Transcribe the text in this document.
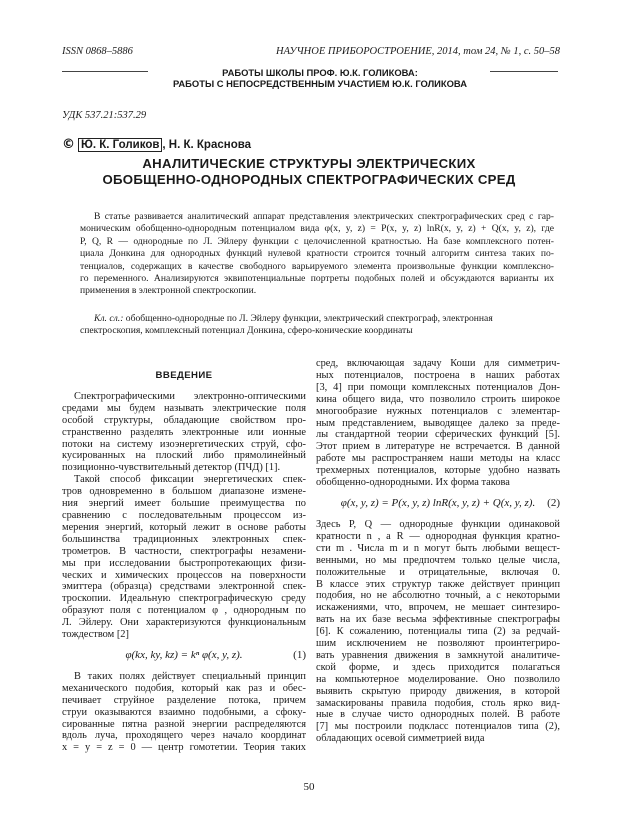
ISSN 0868–5886	НАУЧНОЕ ПРИБОРОСТРОЕНИЕ, 2014, том 24, № 1, c. 50–58
РАБОТЫ ШКОЛЫ ПРОФ. Ю.К. ГОЛИКОВА:
РАБОТЫ С НЕПОСРЕДСТВЕННЫМ УЧАСТИЕМ Ю.К. ГОЛИКОВА
УДК 537.21:537.29
© Ю. К. Голиков , Н. К. Краснова
АНАЛИТИЧЕСКИЕ СТРУКТУРЫ ЭЛЕКТРИЧЕСКИХ
ОБОБЩЕННО-ОДНОРОДНЫХ СПЕКТРОГРАФИЧЕСКИХ СРЕД
В статье развивается аналитический аппарат представления электрических спектрографических сред с гар-
моническим обобщенно-однородным потенциалом вида φ(x, y, z) = P(x, y, z) lnR(x, y, z) + Q(x, y, z), где
P, Q, R — однородные по Л. Эйлеру функции с целочисленной кратностью. На базе комплексного потен-
циала Донкина для однородных функций нулевой кратности строится точный алгоритм синтеза таких по-
тенциалов, содержащих в качестве свободного варьируемого элемента произвольные функции комплексно-
го переменного. Анализируются эквипотенциальные портреты подобных полей и обсуждаются варианты их
применения в электронной спектроскопии.
Кл. сл.: обобщенно-однородные по Л. Эйлеру функции, электрический спектрограф, электронная
спектроскопия, комплексный потенциал Донкина, сферо-конические координаты
ВВЕДЕНИЕ
Спектрографическими электронно-оптическими
средами мы будем называть электрические поля
особой структуры, обладающие свойством про-
странственно разделять электронные или ионные
потоки на систему изоэнергетических струй, сфо-
кусированных на плоский либо прямолинейный
позиционно-чувствительный детектор (ПЧД) [1].
Такой способ фиксации энергетических спек-
тров одновременно в большом диапазоне измене-
ния энергий имеет большие преимущества по
сравнению с последовательным процессом из-
мерения энергий, который лежит в основе работы
большинства традиционных электронных спек-
трометров. В частности, спектрографы незамени-
мы при исследовании быстропротекающих физи-
ческих и химических процессов на поверхности
эмиттера (образца) средствами электронной спек-
троскопии. Идеальную спектрографическую среду
образуют поля с потенциалом φ , однородным по
Л. Эйлеру. Они характеризуются функциональным
тождеством [2]
φ(kx, ky, kz) = kⁿ φ(x, y, z).	(1)
В таких полях действует специальный принцип
механического подобия, который как раз и обес-
печивает струйное разделение потока, причем
струи оказываются взаимно подобными, а сфоку-
сированные пятна разной энергии распределяются
вдоль луча, проходящего через начало координат
x = y = z = 0 — центр гомотетии. Теория таких
сред, включающая задачу Коши для симметрич-
ных потенциалов, построена в наших работах
[3, 4] при помощи комплексных потенциалов Дон-
кина общего вида, что позволило строить широкое
многообразие нужных потенциалов с элементар-
ным представлением, выводящее далеко за преде-
лы стандартной теории сферических функций [5].
Этот прием в литературе не встречается. В данной
работе мы распространяем наши методы на класс
трехмерных потенциалов, которые удобно назвать
обобщенно-однородными. Их форма такова
φ(x, y, z) = P(x, y, z) lnR(x, y, z) + Q(x, y, z). (2)
Здесь P, Q — однородные функции одинаковой
кратности n , а R — однородная функция кратно-
сти m . Числа m и n могут быть любыми вещест-
венными, но мы предпочтем только целые числа,
положительные и отрицательные, включая 0.
В классе этих структур также действует принцип
подобия, но не абсолютно точный, а с некоторыми
искажениями, что, впрочем, не мешает синтезиро-
вать на их базе весьма эффективные спектрографы
[6]. К сожалению, потенциалы типа (2) за редчай-
шим исключением не позволяют проинтегриро-
вать уравнения движения в замкнутой аналитиче-
ской форме, и здесь приходится полагаться
на компьютерное моделирование. Оно позволило
выявить скрытую природу движения, в которой
замаскированы правила подобия, столь ярко вид-
ные в случае чисто однородных полей. В работе
[7] мы построили подкласс потенциалов типа (2),
обладающих осевой симметрией вида
50
